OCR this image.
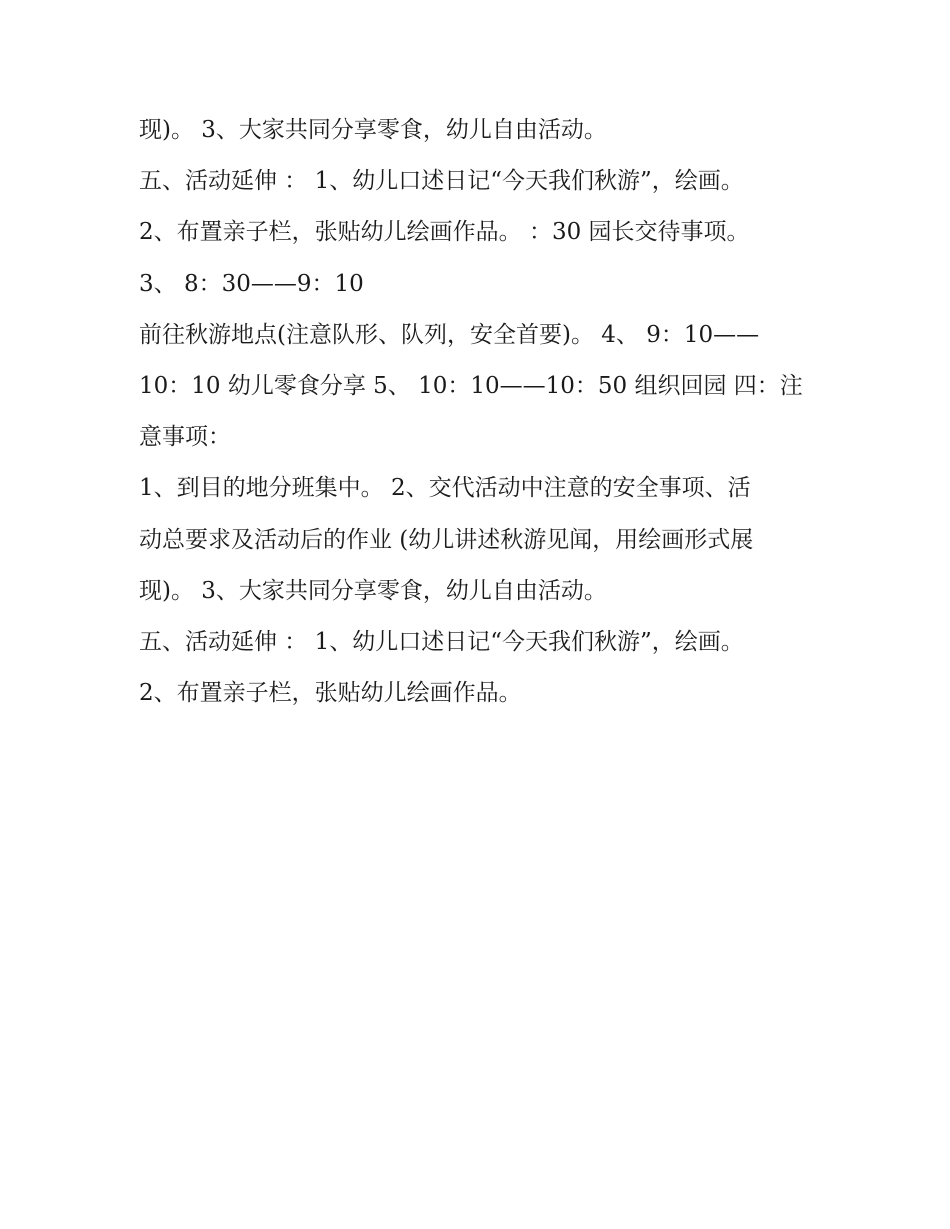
现)。 3、大家共同分享零食，幼儿自由活动。
五、活动延伸 ： 1、幼儿口述日记“今天我们秋游”，绘画。
2、布置亲子栏，张贴幼儿绘画作品。 ：30 园长交待事项。
3、 8：30——9：10
前往秋游地点(注意队形、队列，安全首要)。 4、 9：10——
10：10 幼儿零食分享 5、 10：10——10：50 组织回园 四：注
意事项：
1、到目的地分班集中。 2、交代活动中注意的安全事项、活
动总要求及活动后的作业 (幼儿讲述秋游见闻，用绘画形式展
现)。 3、大家共同分享零食，幼儿自由活动。
五、活动延伸 ： 1、幼儿口述日记“今天我们秋游”，绘画。
2、布置亲子栏，张贴幼儿绘画作品。
